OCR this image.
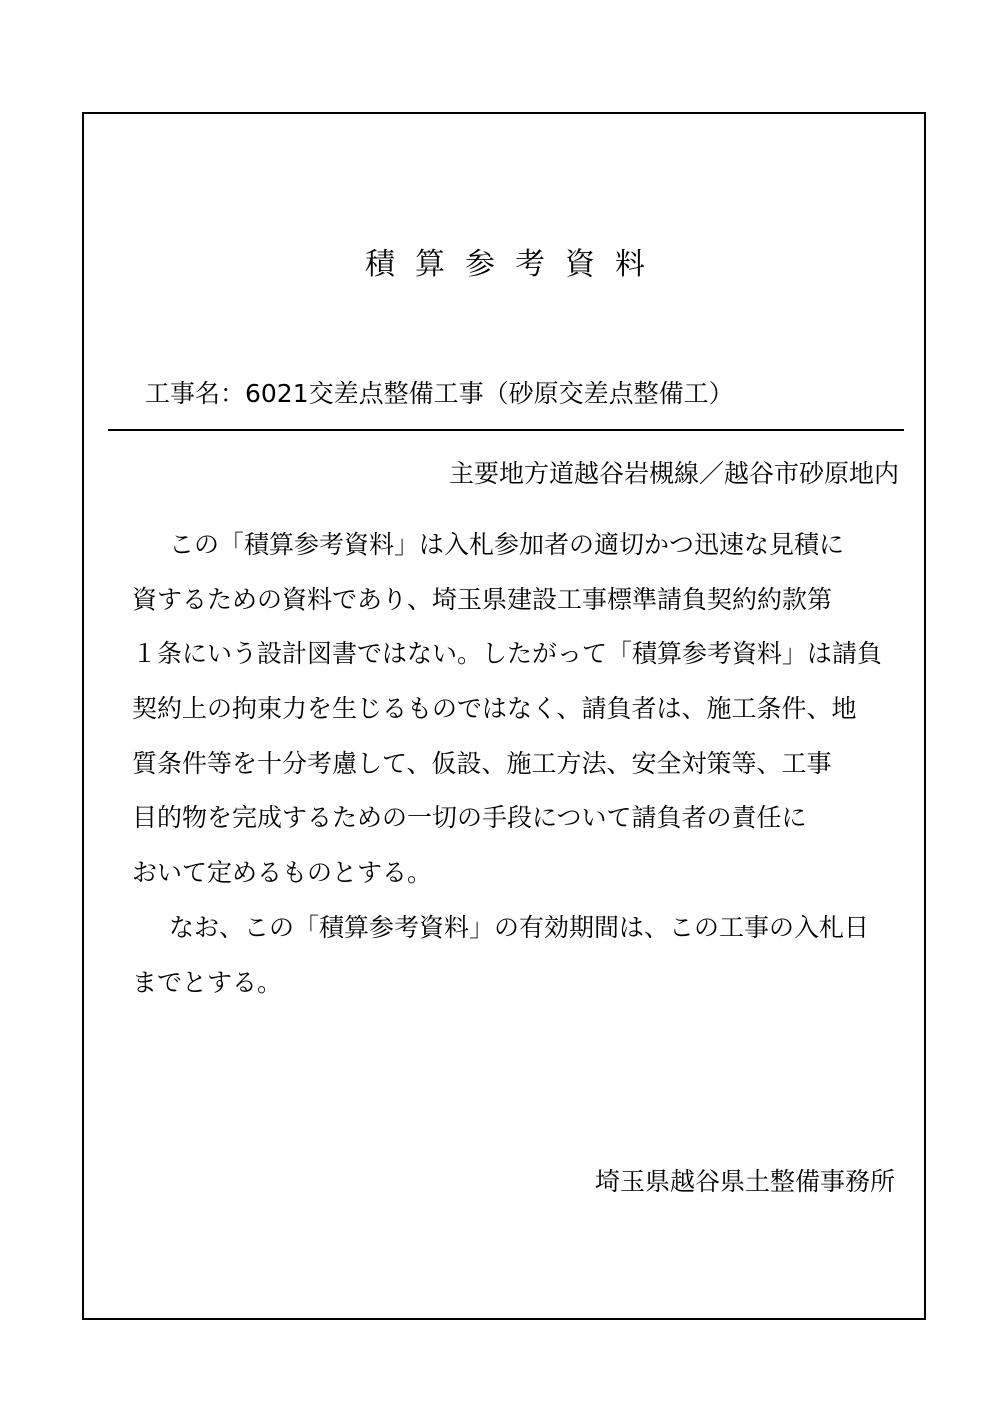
積算参考資料
工事名：6021交差点整備工事（砂原交差点整備工）
主要地方道越谷岩槻線／越谷市砂原地内
この「積算参考資料」は入札参加者の適切かつ迅速な見積に
資するための資料であり、埼玉県建設工事標準請負契約約款第
１条にいう設計図書ではない。したがって「積算参考資料」は請負
契約上の拘束力を生じるものではなく、請負者は、施工条件、地
質条件等を十分考慮して、仮設、施工方法、安全対策等、工事
目的物を完成するための一切の手段について請負者の責任に
おいて定めるものとする。
なお、この「積算参考資料」の有効期間は、この工事の入札日
までとする。
埼玉県越谷県土整備事務所
